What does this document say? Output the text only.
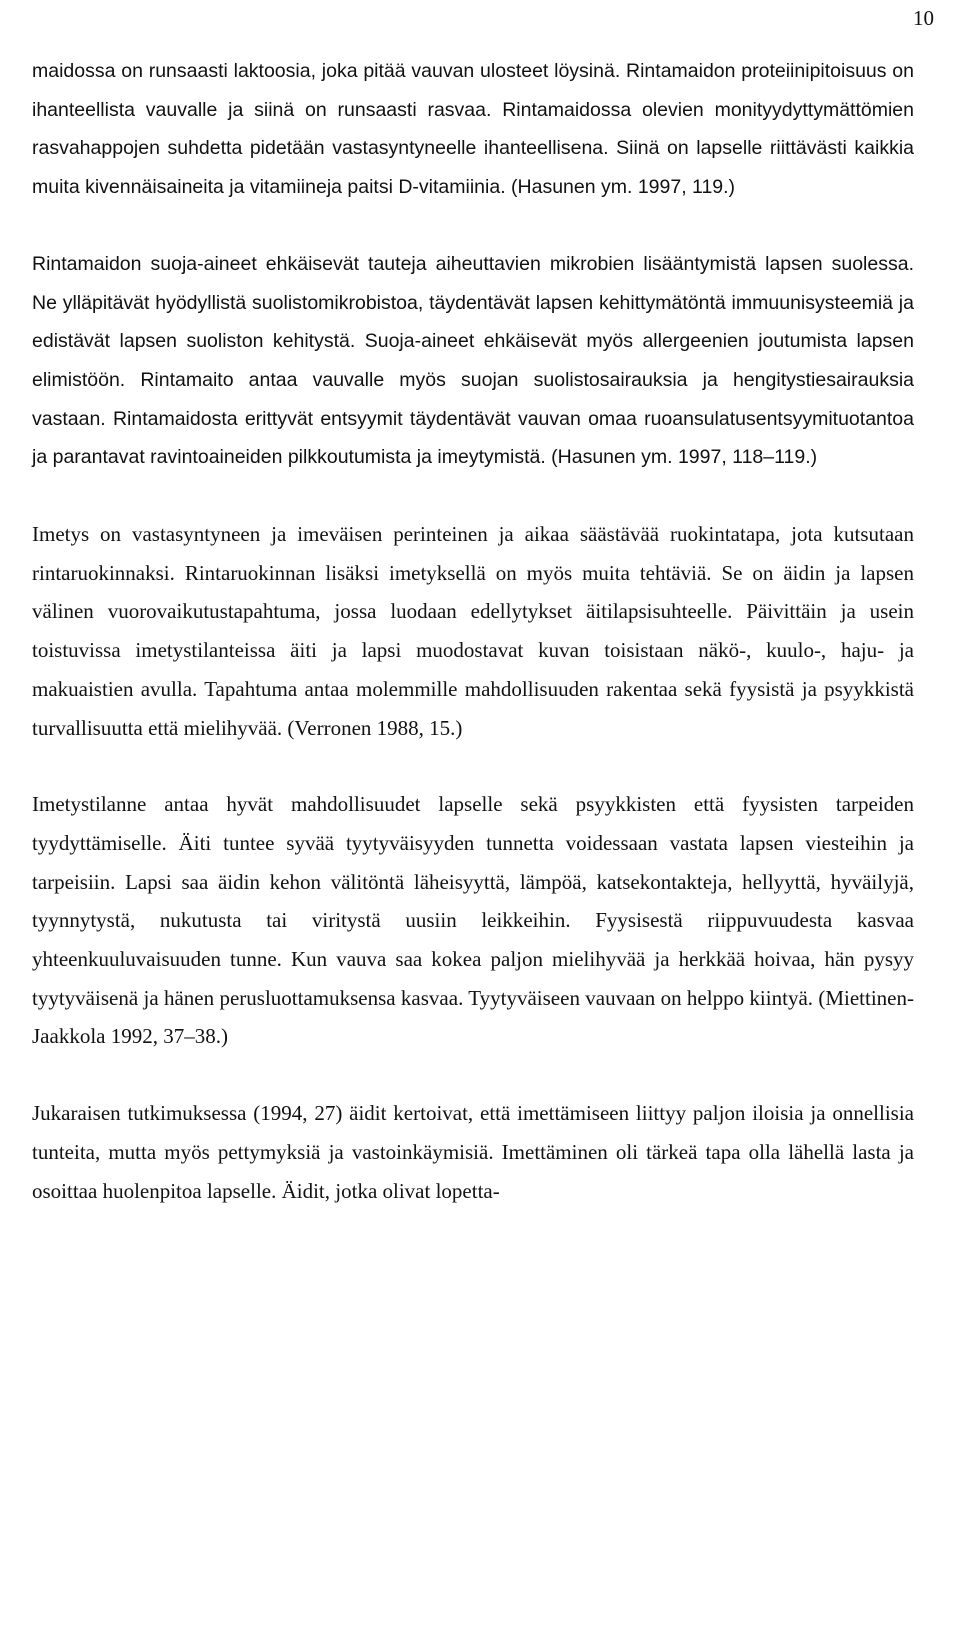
10

maidossa on runsaasti laktoosia, joka pitää vauvan ulosteet löysinä. Rintamaidon proteiinipitoisuus on ihanteellista vauvalle ja siinä on runsaasti rasvaa. Rintamaidossa olevien monityydyttymättömien rasvahappojen suhdetta pidetään vastasyntyneelle ihanteellisena. Siinä on lapselle riittävästi kaikkia muita kivennäisaineita ja vitamiineja paitsi D-vitamiinia. (Hasunen ym. 1997, 119.)

Rintamaidon suoja-aineet ehkäisevät tauteja aiheuttavien mikrobien lisääntymistä lapsen suolessa. Ne ylläpitävät hyödyllistä suolistomikrobistoa, täydentävät lapsen kehittymätöntä immuunisysteemiä ja edistävät lapsen suoliston kehitystä. Suoja-aineet ehkäisevät myös allergeenien joutumista lapsen elimistöön. Rintamaito antaa vauvalle myös suojan suolistosairauksia ja hengitystiesairauksia vastaan. Rintamaidosta erittyvät entsyymit täydentävät vauvan omaa ruoansulatusentsyymituotantoa ja parantavat ravintoaineiden pilkkoutumista ja imeytymistä. (Hasunen ym. 1997, 118–119.)

Imetys on vastasyntyneen ja imeväisen perinteinen ja aikaa säästävää ruokintatapa, jota kutsutaan rintaruokinnaksi. Rintaruokinnan lisäksi imetyksellä on myös muita tehtäviä. Se on äidin ja lapsen välinen vuorovaikutustapahtuma, jossa luodaan edellytykset äitilapsisuhteelle. Päivittäin ja usein toistuvissa imetystilanteissa äiti ja lapsi muodostavat kuvan toisistaan näkö-, kuulo-, haju- ja makuaistien avulla. Tapahtuma antaa molemmille mahdollisuuden rakentaa sekä fyysistä ja psyykkistä turvallisuutta että mielihyvää. (Verronen 1988, 15.)

Imetystilanne antaa hyvät mahdollisuudet lapselle sekä psyykkisten että fyysisten tarpeiden tyydyttämiselle. Äiti tuntee syvää tyytyväisyyden tunnetta voidessaan vastata lapsen viesteihin ja tarpeisiin. Lapsi saa äidin kehon välitöntä läheisyyttä, lämpöä, katsekontakteja, hellyyttä, hyväilyjä, tyynnytystä, nukutusta tai viritystä uusiin leikkeihin. Fyysisestä riippuvuudesta kasvaa yhteenkuuluvaisuuden tunne. Kun vauva saa kokea paljon mielihyvää ja herkkää hoivaa, hän pysyy tyytyväisenä ja hänen perusluottamuksensa kasvaa. Tyytyväiseen vauvaan on helppo kiintyä. (Miettinen-Jaakkola 1992, 37–38.)

Jukaraisen tutkimuksessa (1994, 27) äidit kertoivat, että imettämiseen liittyy paljon iloisia ja onnellisia tunteita, mutta myös pettymyksiä ja vastoinkäymisiä. Imettäminen oli tärkeä tapa olla lähellä lasta ja osoittaa huolenpitoa lapselle. Äidit, jotka olivat lopetta-
